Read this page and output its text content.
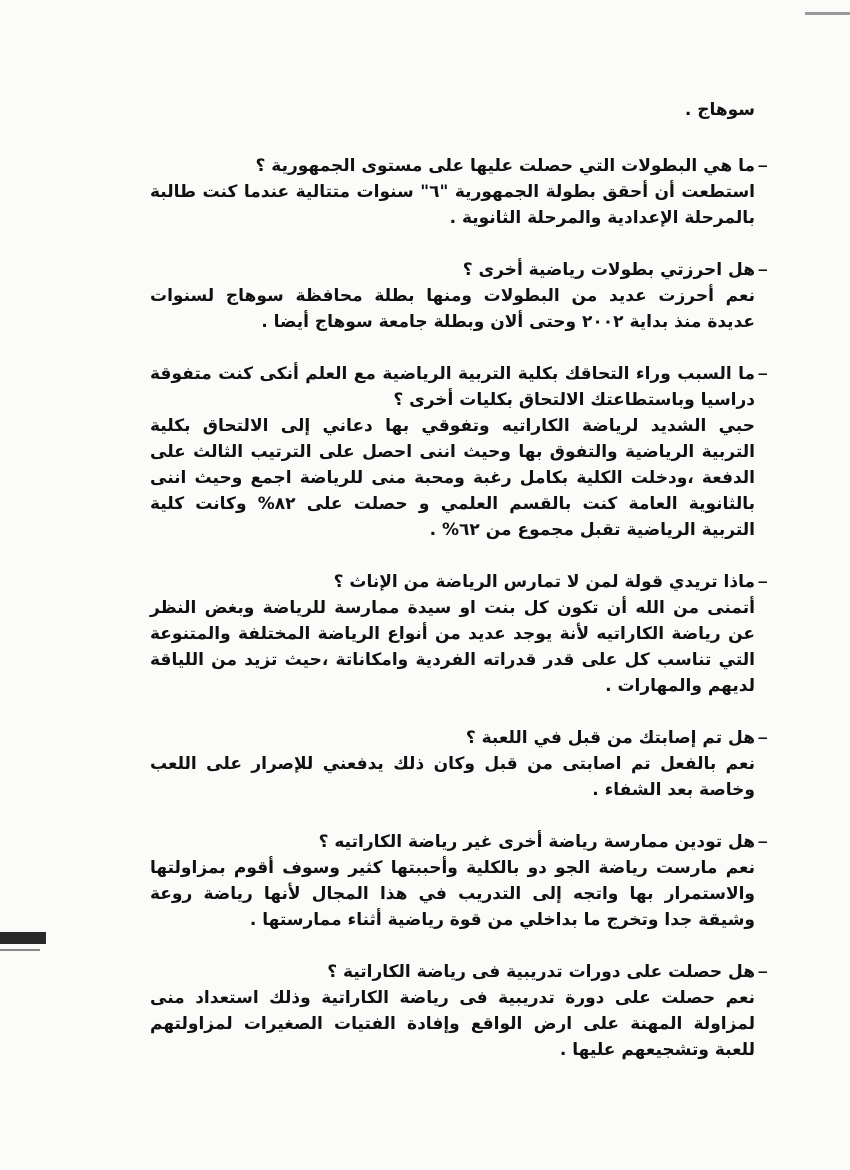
سوهاج .

_
ما هي البطولات التي حصلت عليها على مستوى الجمهورية ؟
استطعت أن أحقق بطولة الجمهورية "٦" سنوات متتالية عندما كنت طالبة بالمرحلة الإعدادية والمرحلة الثانوية .
_
هل احرزتي بطولات رياضية أخرى ؟
نعم أحرزت عديد من البطولات ومنها بطلة محافظة سوهاج لسنوات عديدة منذ بداية ٢٠٠٢ وحتى ألان وبطلة جامعة سوهاج أيضا .
_
ما السبب وراء التحاقك بكلية التربية الرياضية مع العلم أنكى كنت متفوقة دراسيا وباستطاعتك الالتحاق بكليات أخرى ؟
حبي الشديد لرياضة الكاراتيه وتفوقي بها دعاني إلى الالتحاق بكلية التربية الرياضية والتفوق بها وحيث اننى احصل على الترتيب الثالث على الدفعة ،ودخلت الكلية بكامل رغبة ومحبة منى للرياضة اجمع وحيث اننى بالثانوية العامة كنت بالقسم العلمي و حصلت على ٨٢% وكانت كلية التربية الرياضية تقبل مجموع من ٦٢% .
_
ماذا تريدي قولة لمن لا تمارس الرياضة من الإناث ؟
أتمنى من الله أن تكون كل بنت او سيدة ممارسة للرياضة وبغض النظر عن رياضة الكاراتيه لأنة يوجد عديد من أنواع الرياضة المختلفة والمتنوعة التي تناسب كل على قدر قدراته الفردية وامكاناتة ،حيث تزيد من اللياقة لديهم والمهارات .
_
هل تم إصابتك من قبل في اللعبة ؟
نعم بالفعل تم اصابتى من قبل وكان ذلك يدفعني للإصرار على اللعب وخاصة بعد الشفاء .
_
هل تودين ممارسة رياضة أخرى غير رياضة الكاراتيه ؟
نعم مارست رياضة الجو دو بالكلية وأحببتها كثير وسوف أقوم بمزاولتها والاستمرار بها واتجه إلى التدريب في هذا المجال لأنها رياضة روعة وشيقة جدا وتخرج ما بداخلي من قوة رياضية أثناء ممارستها .
_
هل حصلت على دورات تدريبية فى رياضة الكاراتية ؟
نعم حصلت على دورة تدريبية فى رياضة الكاراتية وذلك استعداد منى لمزاولة المهنة على ارض الواقع وإفادة الفتيات الصغيرات لمزاولتهم للعبة وتشجيعهم عليها .
